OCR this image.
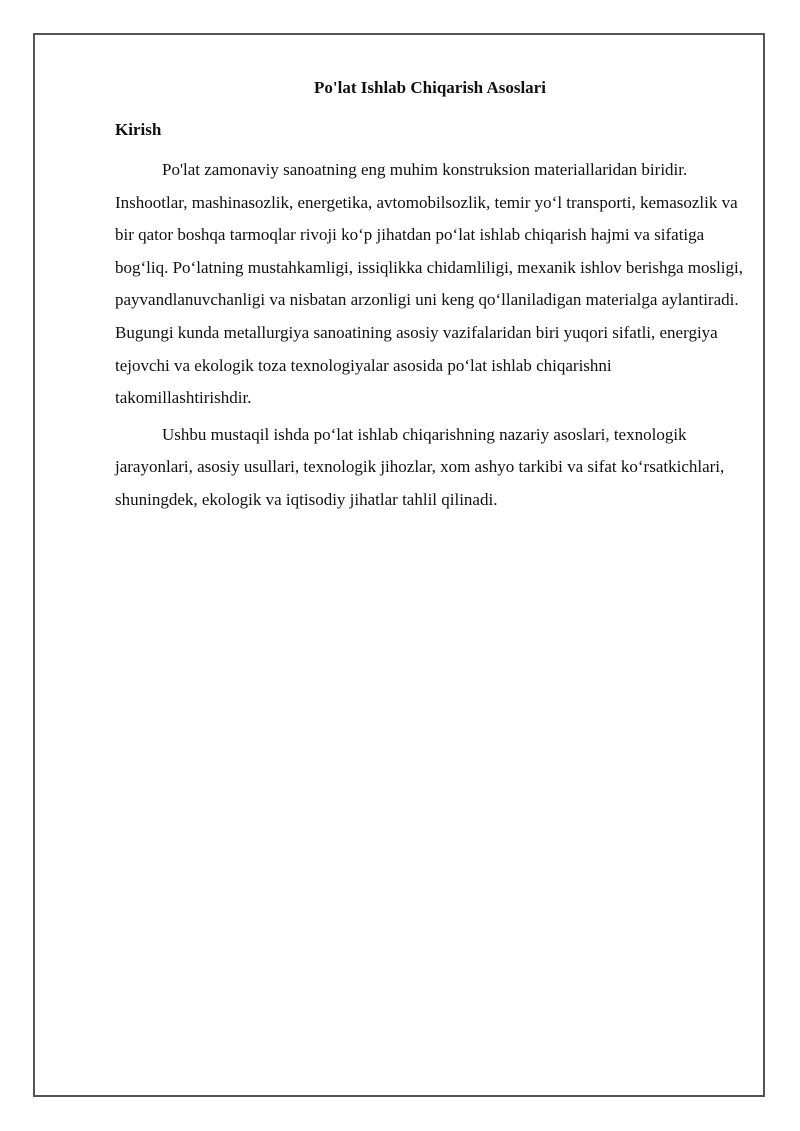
Po'lat Ishlab Chiqarish Asoslari
Kirish

Po'lat zamonaviy sanoatning eng muhim konstruksion materiallaridan biridir. Inshootlar, mashinasozlik, energetika, avtomobilsozlik, temir yo‘l transporti, kemasozlik va bir qator boshqa tarmoqlar rivoji ko‘p jihatdan po‘lat ishlab chiqarish hajmi va sifatiga bog‘liq. Po‘latning mustahkamligi, issiqlikka chidamliligi, mexanik ishlov berishga mosligi, payvandlanuvchanligi va nisbatan arzonligi uni keng qo‘llaniladigan materialga aylantiradi. Bugungi kunda metallurgiya sanoatining asosiy vazifalaridan biri yuqori sifatli, energiya tejovchi va ekologik toza texnologiyalar asosida po‘lat ishlab chiqarishni takomillashtirishdir.

Ushbu mustaqil ishda po‘lat ishlab chiqarishning nazariy asoslari, texnologik jarayonlari, asosiy usullari, texnologik jihozlar, xom ashyo tarkibi va sifat ko‘rsatkichlari, shuningdek, ekologik va iqtisodiy jihatlar tahlil qilinadi.
